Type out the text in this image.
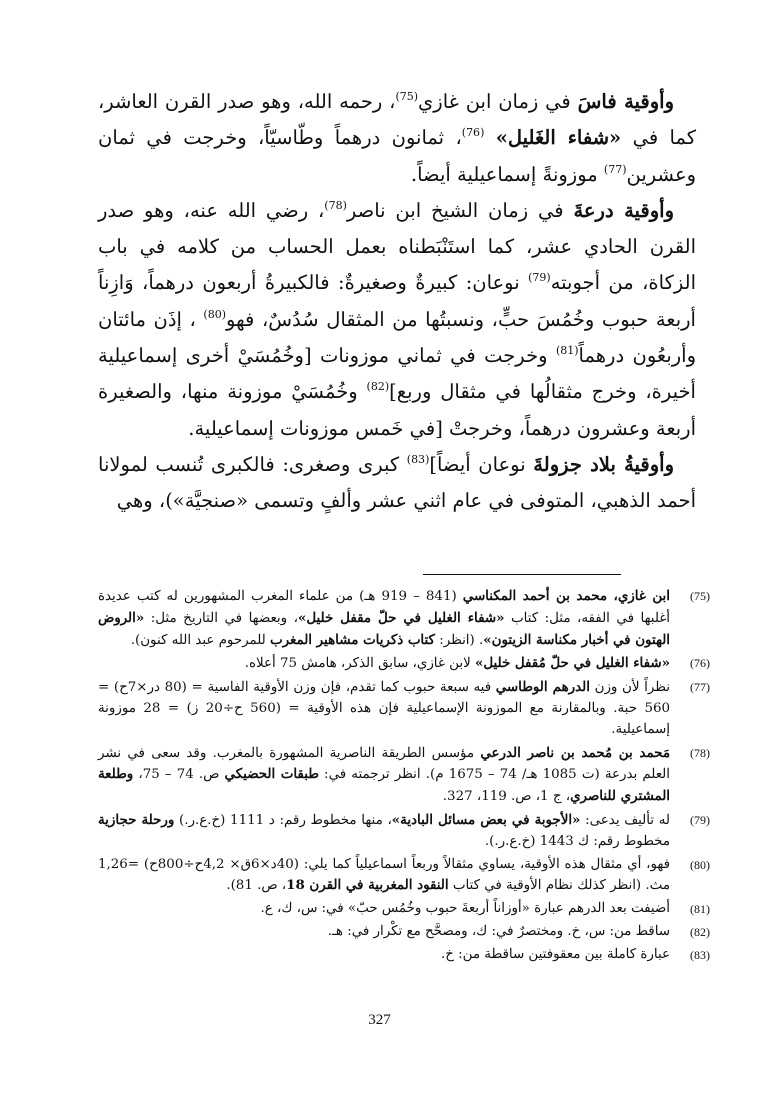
وأوقية فاسَ في زمان ابن غازي$^{(75)}$، رحمه الله، وهو صدر القرن العاشر، كما في «شفاء الغَليل» $^{(76)}$، ثمانون درهماً وطّاسيّاً، وخرجت في ثمان وعشرين$^{(77)}$ موزونةً إسماعيلية أيضاً.

وأوقية درعةَ في زمان الشيخ ابن ناصر$^{(78)}$، رضي الله عنه، وهو صدر القرن الحادي عشر، كما استَنْبَطناه بعمل الحساب من كلامه في باب الزكاة، من أجوبته$^{(79)}$ نوعان: كبيرةٌ وصغيرةٌ: فالكبيرةُ أربعون درهماً، وَازِناً أربعة حبوب وخُمُسَ حبٍّ، ونسبتُها من المثقال سُدُسٌ، فهو$^{(80)}$ ، إذَن مائتان وأربعُون درهماً$^{(81)}$ وخرجت في ثماني موزونات [وخُمُسَيْ أخرى إسماعيلية أخيرة، وخرج مثقالُها في مثقال وربع]$^{(82)}$ وخُمُسَيْ موزونة منها، والصغيرة أربعة وعشرون درهماً، وخرجتْ [في خَمس موزونات إسماعيلية.

وأوقيةُ بلاد جزولةَ نوعان أيضاً]$^{(83)}$ كبرى وصغرى: فالكبرى تُنسب لمولانا أحمد الذهبي، المتوفى في عام اثني عشر وألفٍ وتسمى «صنجيَّة»)، وهي

(75)
ابن غازي، محمد بن أحمد المكناسي (841 – 919 هـ) من علماء المغرب المشهورين له كتب عديدة أغلبها في الفقه، مثل: كتاب «شفاء الغليل في حلّ مقفل خليل»، وبعضها في التاريخ مثل: «الروض الهتون في أخبار مكناسة الزيتون». (انظر: كتاب ذكريات مشاهير المغرب للمرحوم عبد الله كنون).
(76)
«شفاء الغليل في حلّ مُقفل خليل» لابن غازي، سابق الذكر، هامش 75 أعلاه.
(77)
نظراً لأن وزن الدرهم الوطاسي فيه سبعة حبوب كما تقدم، فإن وزن الأوقية الفاسية = (80 در×7ح) = 560 حبة. وبالمقارنة مع الموزونة الإسماعيلية فإن هذه الأوقية = (560 ح÷20 ز) = 28 موزونة إسماعيلية.
(78)
مَحمد بن مُحمد بن ناصر الدرعي مؤسس الطريقة الناصرية المشهورة بالمغرب. وقد سعى في نشر العلم بدرعة (ت 1085 هـ/ 74 – 1675 م). انظر ترجمته في: طبقات الحضيكي ص. 74 – 75، وطلعة المشتري للناصري، ج 1، ص. 119، 327.
(79)
له تأليف يدعى: «الأجوبة في بعض مسائل البادية»، منها مخطوط رقم: د 1111 (خ.ع.ر.) ورحلة حجازية مخطوط رقم: ك 1443 (خ.ع.ر.).
(80)
فهو، أي مثقال هذه الأوقية، يساوي مثقالاً وربعاً اسماعيلياً كما يلي: (40د×6ق× 4,2ح÷800ح) =1,26 مث. (انظر كذلك نظام الأوقية في كتاب النقود المغربية في القرن 18، ص. 81).
(81)
أضيفت بعد الدرهم عبارة «أوزاناً أربعةَ حبوب وخُمُس حبّ» في: س، ك، ع.
(82)
ساقط من: س، خ. ومختصرٌ في: ك، ومصحَّح مع تكْرار في: هـ.
(83)
عبارة كاملة بين معقوفتين ساقطة من: خ.
327
